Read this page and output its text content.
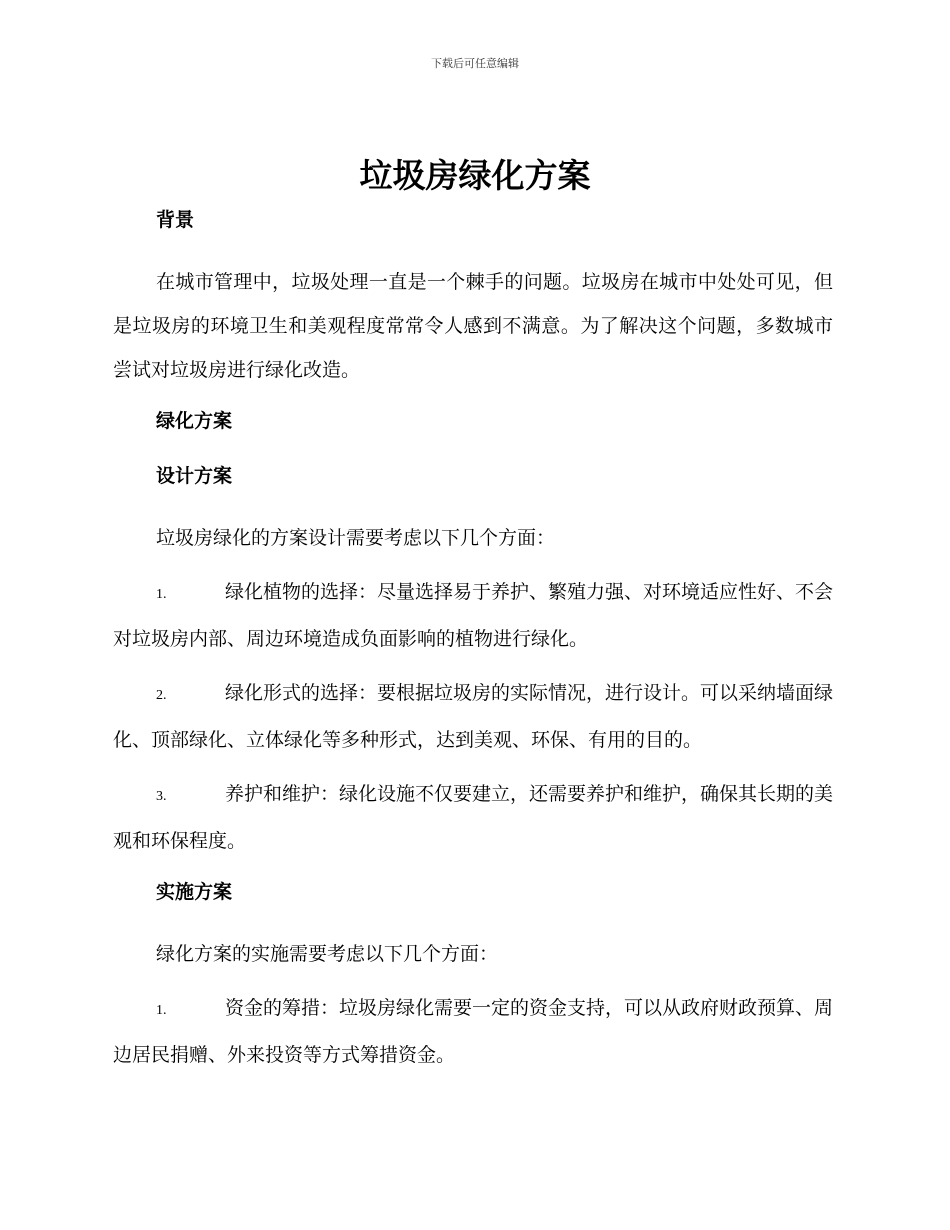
下载后可任意编辑
垃圾房绿化方案
背景

在城市管理中，垃圾处理一直是一个棘手的问题。垃圾房在城市中处处可见，但是垃圾房的环境卫生和美观程度常常令人感到不满意。为了解决这个问题，多数城市尝试对垃圾房进行绿化改造。

绿化方案
设计方案

垃圾房绿化的方案设计需要考虑以下几个方面：

1.	绿化植物的选择：尽量选择易于养护、繁殖力强、对环境适应性好、不会对垃圾房内部、周边环境造成负面影响的植物进行绿化。

2.	绿化形式的选择：要根据垃圾房的实际情况，进行设计。可以采纳墙面绿化、顶部绿化、立体绿化等多种形式，达到美观、环保、有用的目的。

3.	养护和维护：绿化设施不仅要建立，还需要养护和维护，确保其长期的美观和环保程度。

实施方案

绿化方案的实施需要考虑以下几个方面：

1.	资金的筹措：垃圾房绿化需要一定的资金支持，可以从政府财政预算、周边居民捐赠、外来投资等方式筹措资金。
